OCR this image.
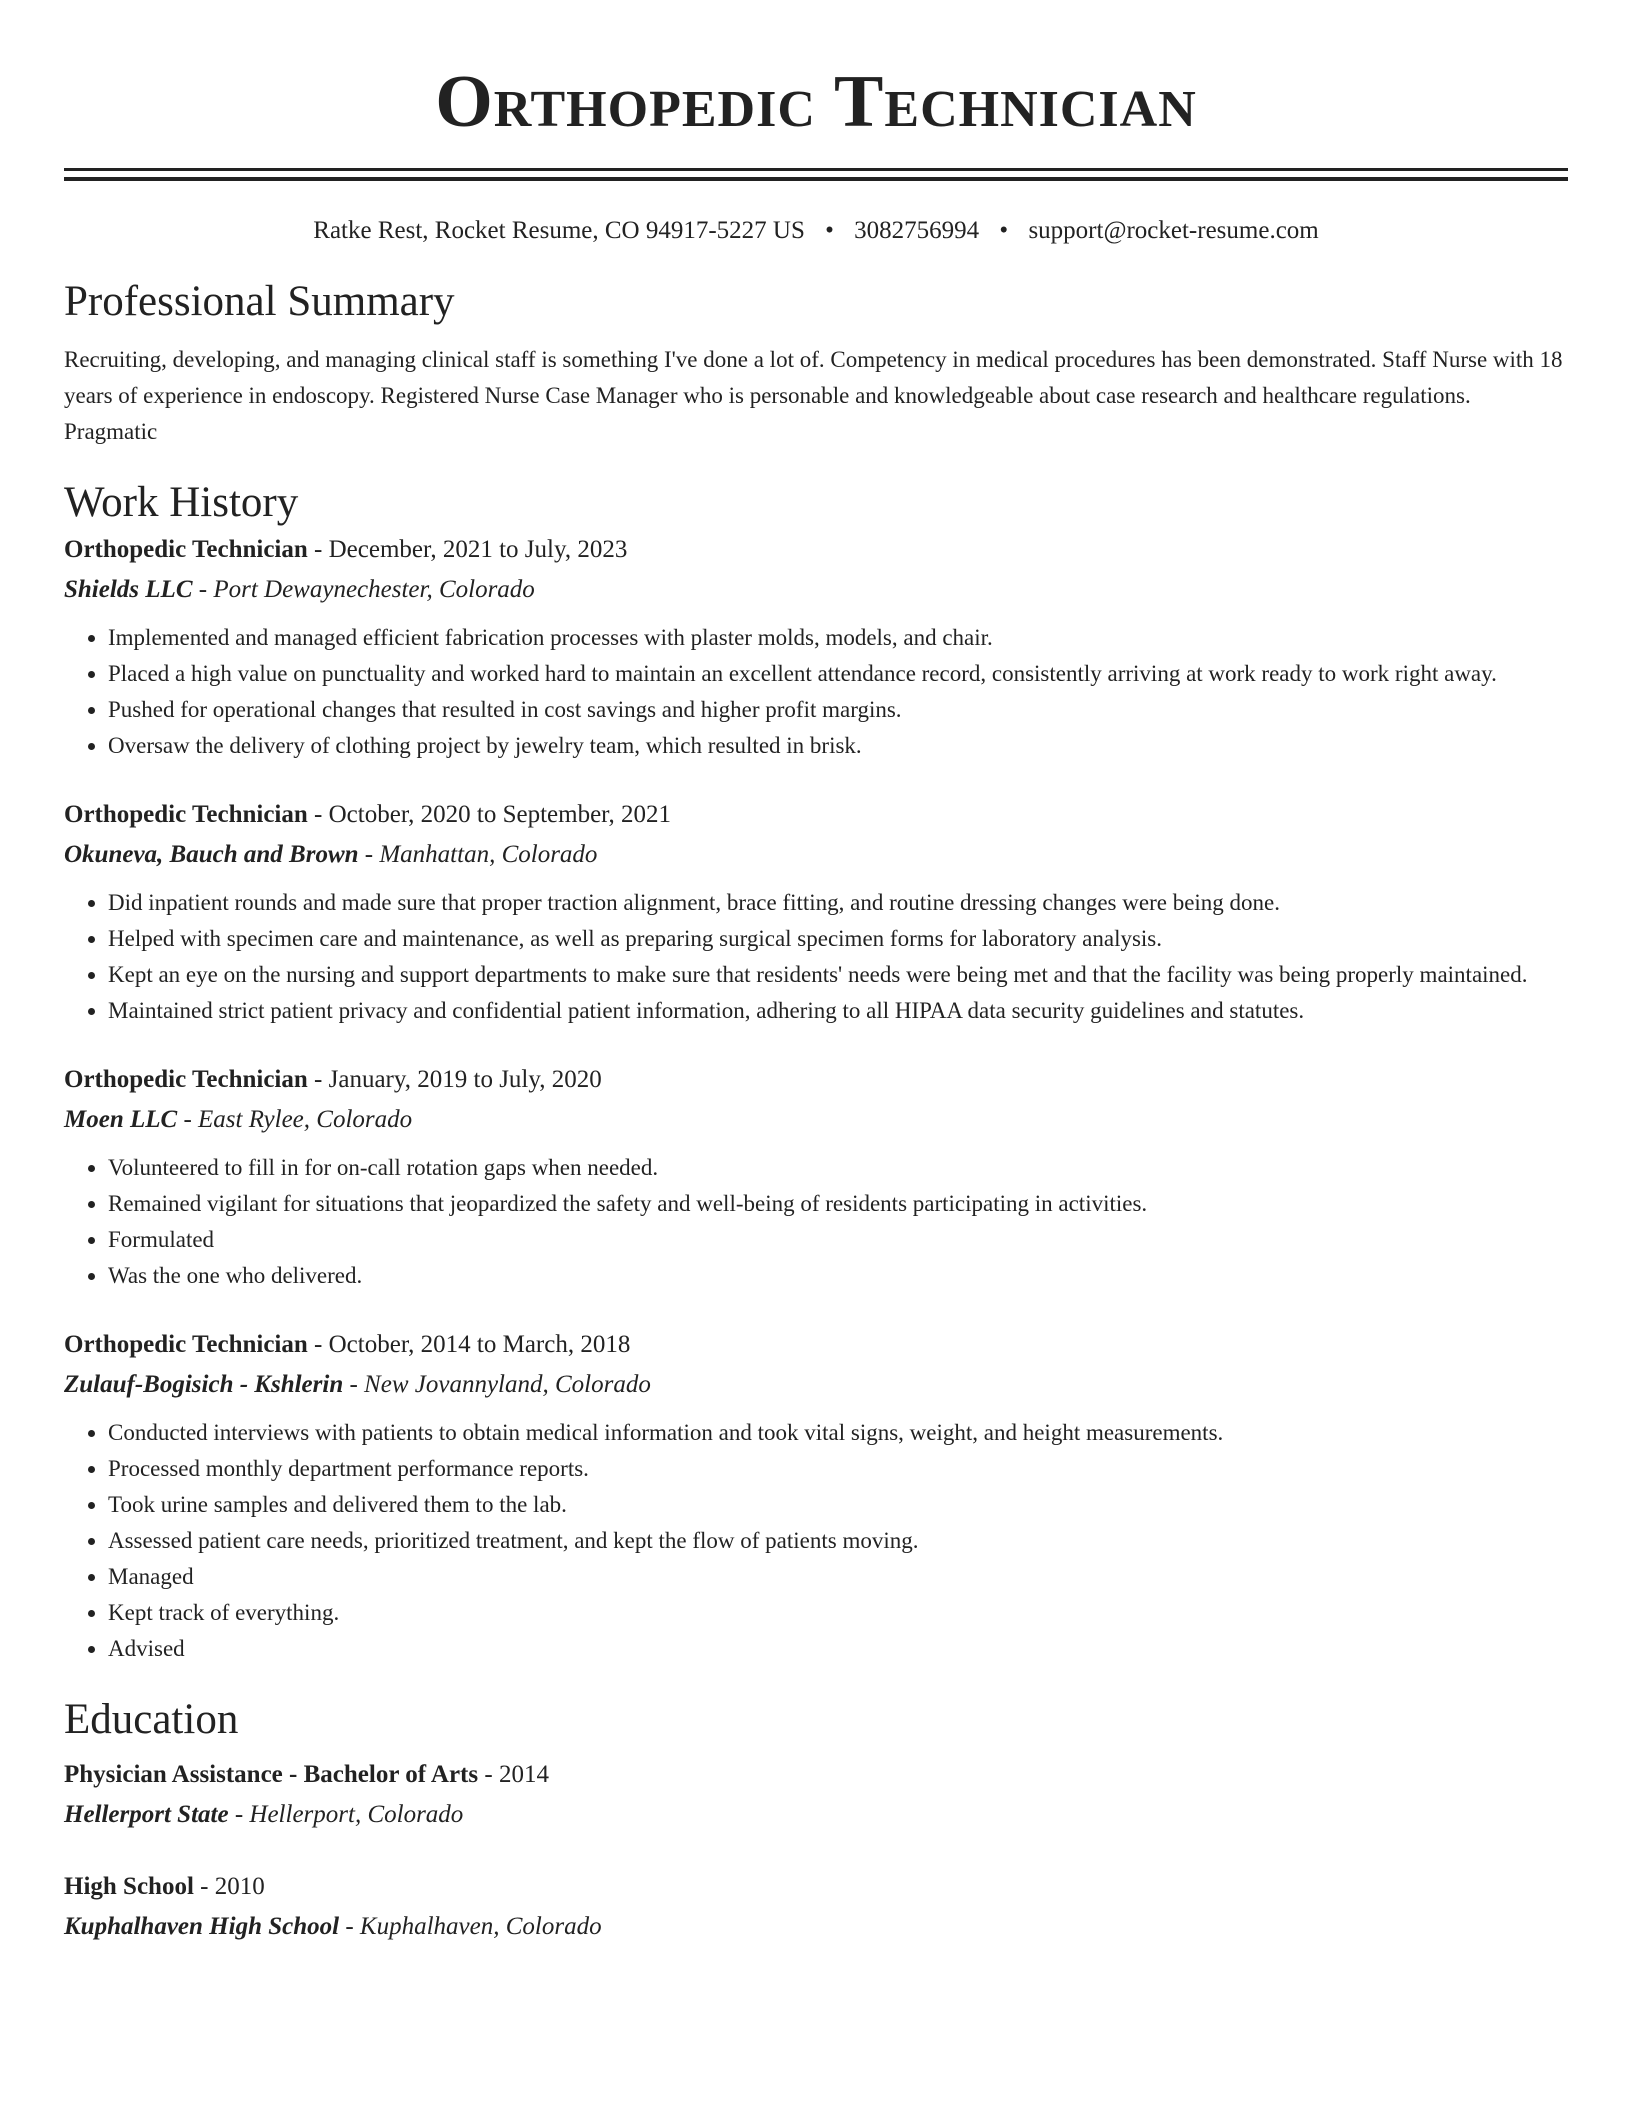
Orthopedic Technician
Ratke Rest, Rocket Resume, CO 94917-5227 US • 3082756994 • support@rocket-resume.com
Professional Summary

Recruiting, developing, and managing clinical staff is something I've done a lot of. Competency in medical procedures has been demonstrated. Staff Nurse with 18 years of experience in endoscopy. Registered Nurse Case Manager who is personable and knowledgeable about case research and healthcare regulations. Pragmatic

Work History
Orthopedic Technician - December, 2021 to July, 2023
Shields LLC - Port Dewaynechester, Colorado
• Implemented and managed efficient fabrication processes with plaster molds, models, and chair.
• Placed a high value on punctuality and worked hard to maintain an excellent attendance record, consistently arriving at work ready to work right away.
• Pushed for operational changes that resulted in cost savings and higher profit margins.
• Oversaw the delivery of clothing project by jewelry team, which resulted in brisk.
Orthopedic Technician - October, 2020 to September, 2021
Okuneva, Bauch and Brown - Manhattan, Colorado
• Did inpatient rounds and made sure that proper traction alignment, brace fitting, and routine dressing changes were being done.
• Helped with specimen care and maintenance, as well as preparing surgical specimen forms for laboratory analysis.
• Kept an eye on the nursing and support departments to make sure that residents' needs were being met and that the facility was being properly maintained.
• Maintained strict patient privacy and confidential patient information, adhering to all HIPAA data security guidelines and statutes.
Orthopedic Technician - January, 2019 to July, 2020
Moen LLC - East Rylee, Colorado
• Volunteered to fill in for on-call rotation gaps when needed.
• Remained vigilant for situations that jeopardized the safety and well-being of residents participating in activities.
• Formulated
• Was the one who delivered.
Orthopedic Technician - October, 2014 to March, 2018
Zulauf-Bogisich - Kshlerin - New Jovannyland, Colorado
• Conducted interviews with patients to obtain medical information and took vital signs, weight, and height measurements.
• Processed monthly department performance reports.
• Took urine samples and delivered them to the lab.
• Assessed patient care needs, prioritized treatment, and kept the flow of patients moving.
• Managed
• Kept track of everything.
• Advised
Education
Physician Assistance - Bachelor of Arts - 2014
Hellerport State - Hellerport, Colorado
High School - 2010
Kuphalhaven High School - Kuphalhaven, Colorado
